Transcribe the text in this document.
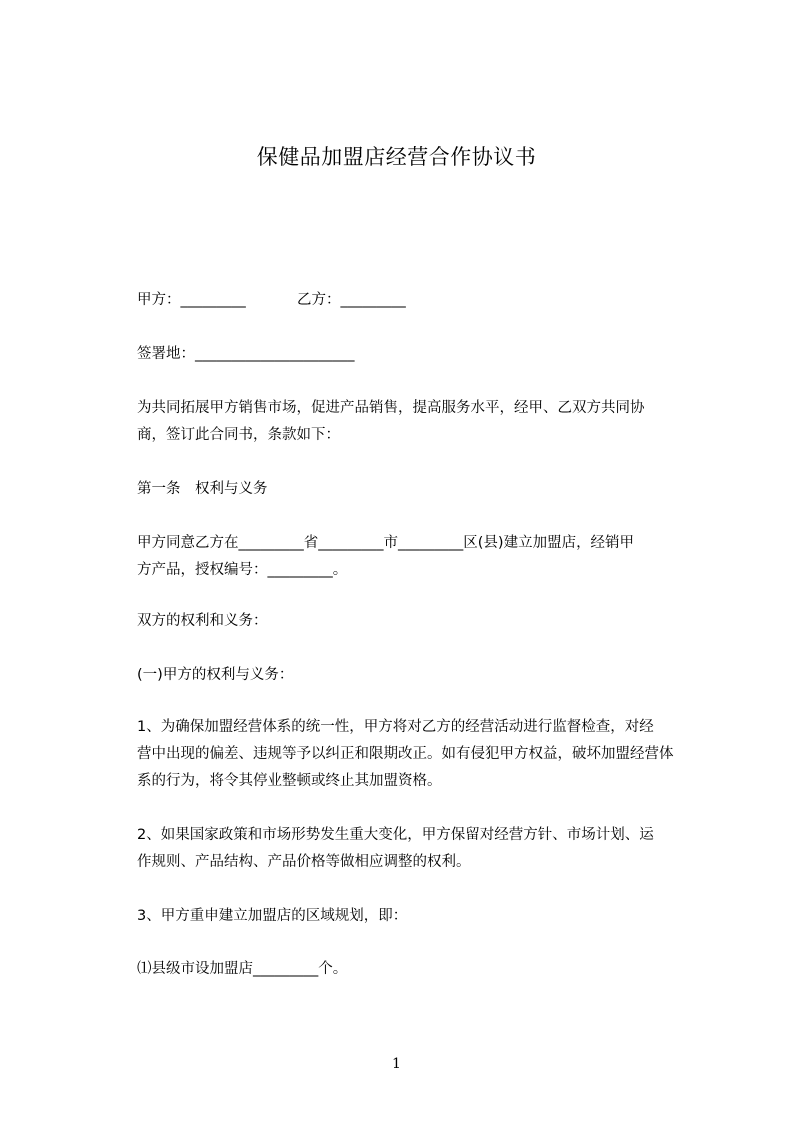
保健品加盟店经营合作协议书
甲方：_________	乙方：_________
签署地：______________________
为共同拓展甲方销售市场，促进产品销售，提高服务水平，经甲、乙双方共同协
商，签订此合同书，条款如下：
第一条　权利与义务
甲方同意乙方在_________省_________市_________区(县)建立加盟店，经销甲
方产品，授权编号：_________。
双方的权利和义务：
(一)甲方的权利与义务：
1、为确保加盟经营体系的统一性，甲方将对乙方的经营活动进行监督检查，对经
营中出现的偏差、违规等予以纠正和限期改正。如有侵犯甲方权益，破坏加盟经营体
系的行为，将令其停业整顿或终止其加盟资格。
2、如果国家政策和市场形势发生重大变化，甲方保留对经营方针、市场计划、运
作规则、产品结构、产品价格等做相应调整的权利。
3、甲方重申建立加盟店的区域规划，即：
⑴县级市设加盟店_________个。
1
